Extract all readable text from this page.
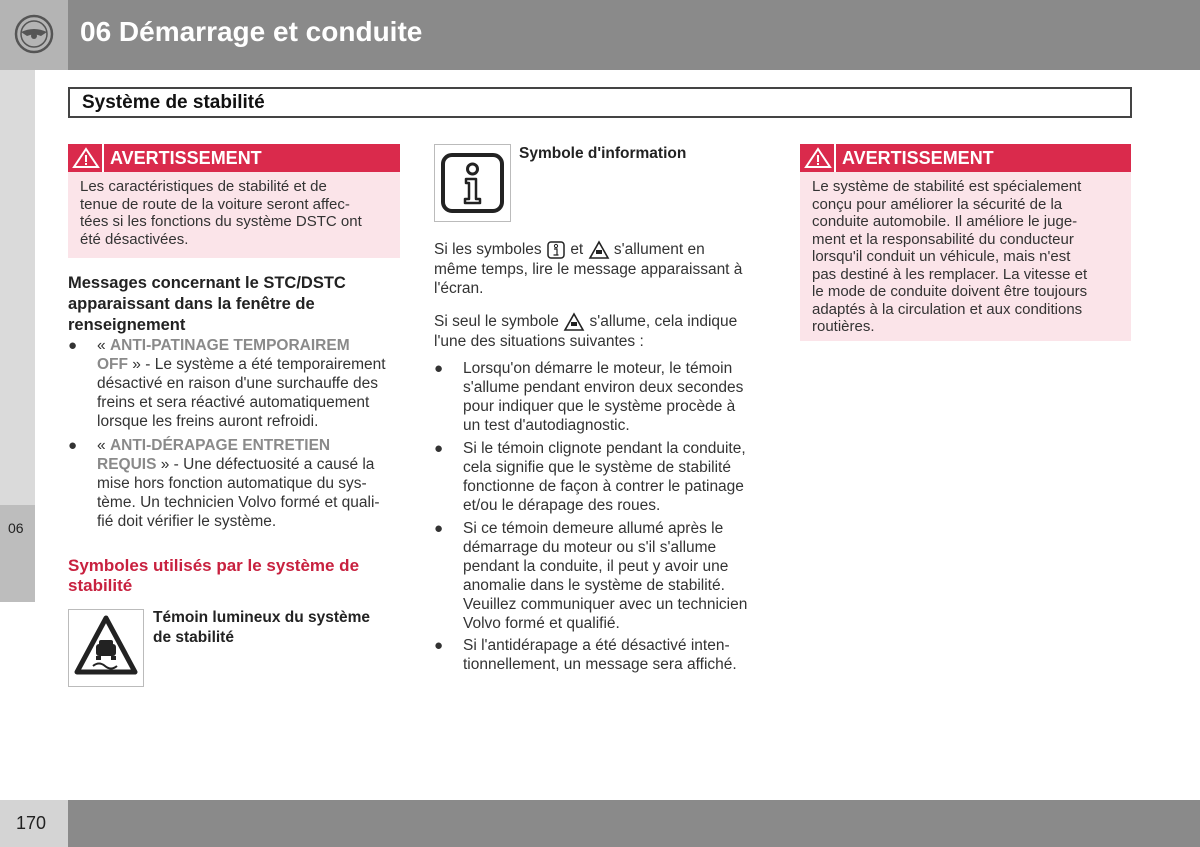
06 Démarrage et conduite
Système de stabilité
06
AVERTISSEMENT
Les caractéristiques de stabilité et de
tenue de route de la voiture seront affec-
tées si les fonctions du système DSTC ont
été désactivées.
Messages concernant le STC/DSTC
apparaissant dans la fenêtre de
renseignement
● « ANTI-PATINAGE TEMPORAIREM
OFF » - Le système a été temporairement
désactivé en raison d'une surchauffe des
freins et sera réactivé automatiquement
lorsque les freins auront refroidi.
● « ANTI-DÉRAPAGE ENTRETIEN
REQUIS » - Une défectuosité a causé la
mise hors fonction automatique du sys-
tème. Un technicien Volvo formé et quali-
fié doit vérifier le système.
Symboles utilisés par le système de
stabilité
Témoin lumineux du système
de stabilité
Symbole d'information
Si les symboles et s'allument en
même temps, lire le message apparaissant à
l'écran.
Si seul le symbole s'allume, cela indique
l'une des situations suivantes :
● Lorsqu'on démarre le moteur, le témoin
s'allume pendant environ deux secondes
pour indiquer que le système procède à
un test d'autodiagnostic.
● Si le témoin clignote pendant la conduite,
cela signifie que le système de stabilité
fonctionne de façon à contrer le patinage
et/ou le dérapage des roues.
● Si ce témoin demeure allumé après le
démarrage du moteur ou s'il s'allume
pendant la conduite, il peut y avoir une
anomalie dans le système de stabilité.
Veuillez communiquer avec un technicien
Volvo formé et qualifié.
● Si l'antidérapage a été désactivé inten-
tionnellement, un message sera affiché.
AVERTISSEMENT
Le système de stabilité est spécialement
conçu pour améliorer la sécurité de la
conduite automobile. Il améliore le juge-
ment et la responsabilité du conducteur
lorsqu'il conduit un véhicule, mais n'est
pas destiné à les remplacer. La vitesse et
le mode de conduite doivent être toujours
adaptés à la circulation et aux conditions
routières.
170
